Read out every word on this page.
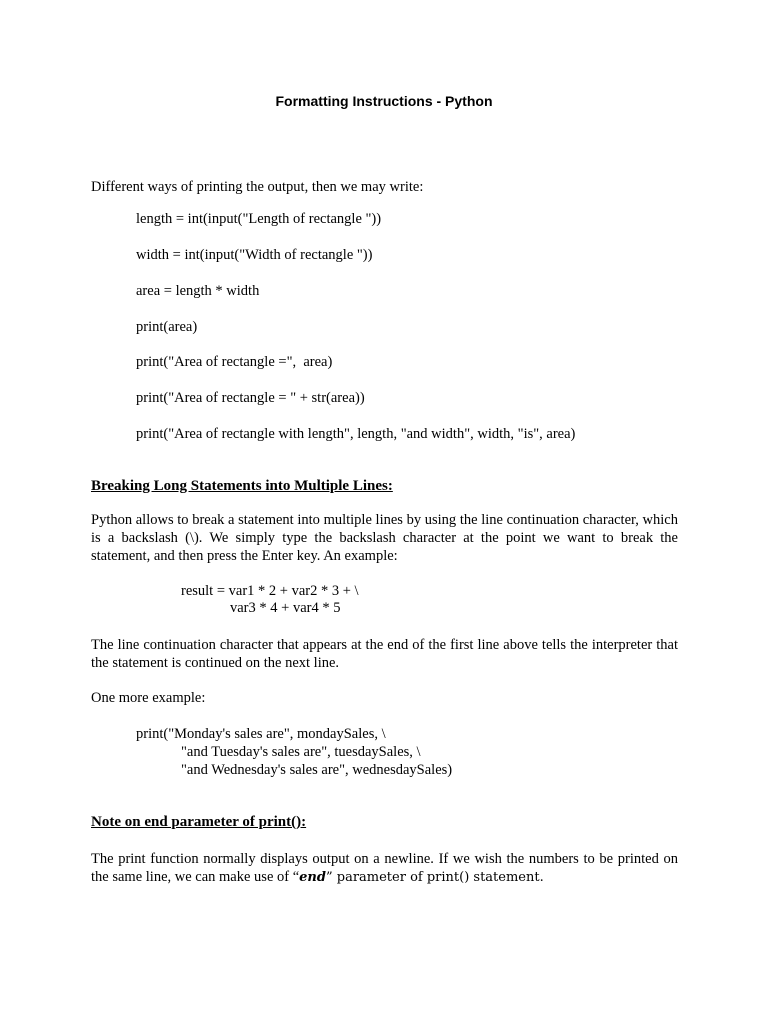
Formatting Instructions - Python
Different ways of printing the output, then we may write:
length = int(input("Length of rectangle "))
width = int(input("Width of rectangle "))
area = length * width
print(area)
print("Area of rectangle =",  area)
print("Area of rectangle = " + str(area))
print("Area of rectangle with length", length, "and width", width, "is", area)
Breaking Long Statements into Multiple Lines:
Python allows to break a statement into multiple lines by using the line continuation character, which is a backslash (\). We simply type the backslash character at the point we want to break the statement, and then press the Enter key. An example:
result = var1 * 2 + var2 * 3 + \
var3 * 4 + var4 * 5
The line continuation character that appears at the end of the first line above tells the interpreter that the statement is continued on the next line.
One more example:
print("Monday's sales are", mondaySales, \
"and Tuesday's sales are", tuesdaySales, \
"and Wednesday's sales are", wednesdaySales)
Note on end parameter of print():
The print function normally displays output on a newline. If we wish the numbers to be printed on the same line, we can make use of “end” parameter of print() statement.
